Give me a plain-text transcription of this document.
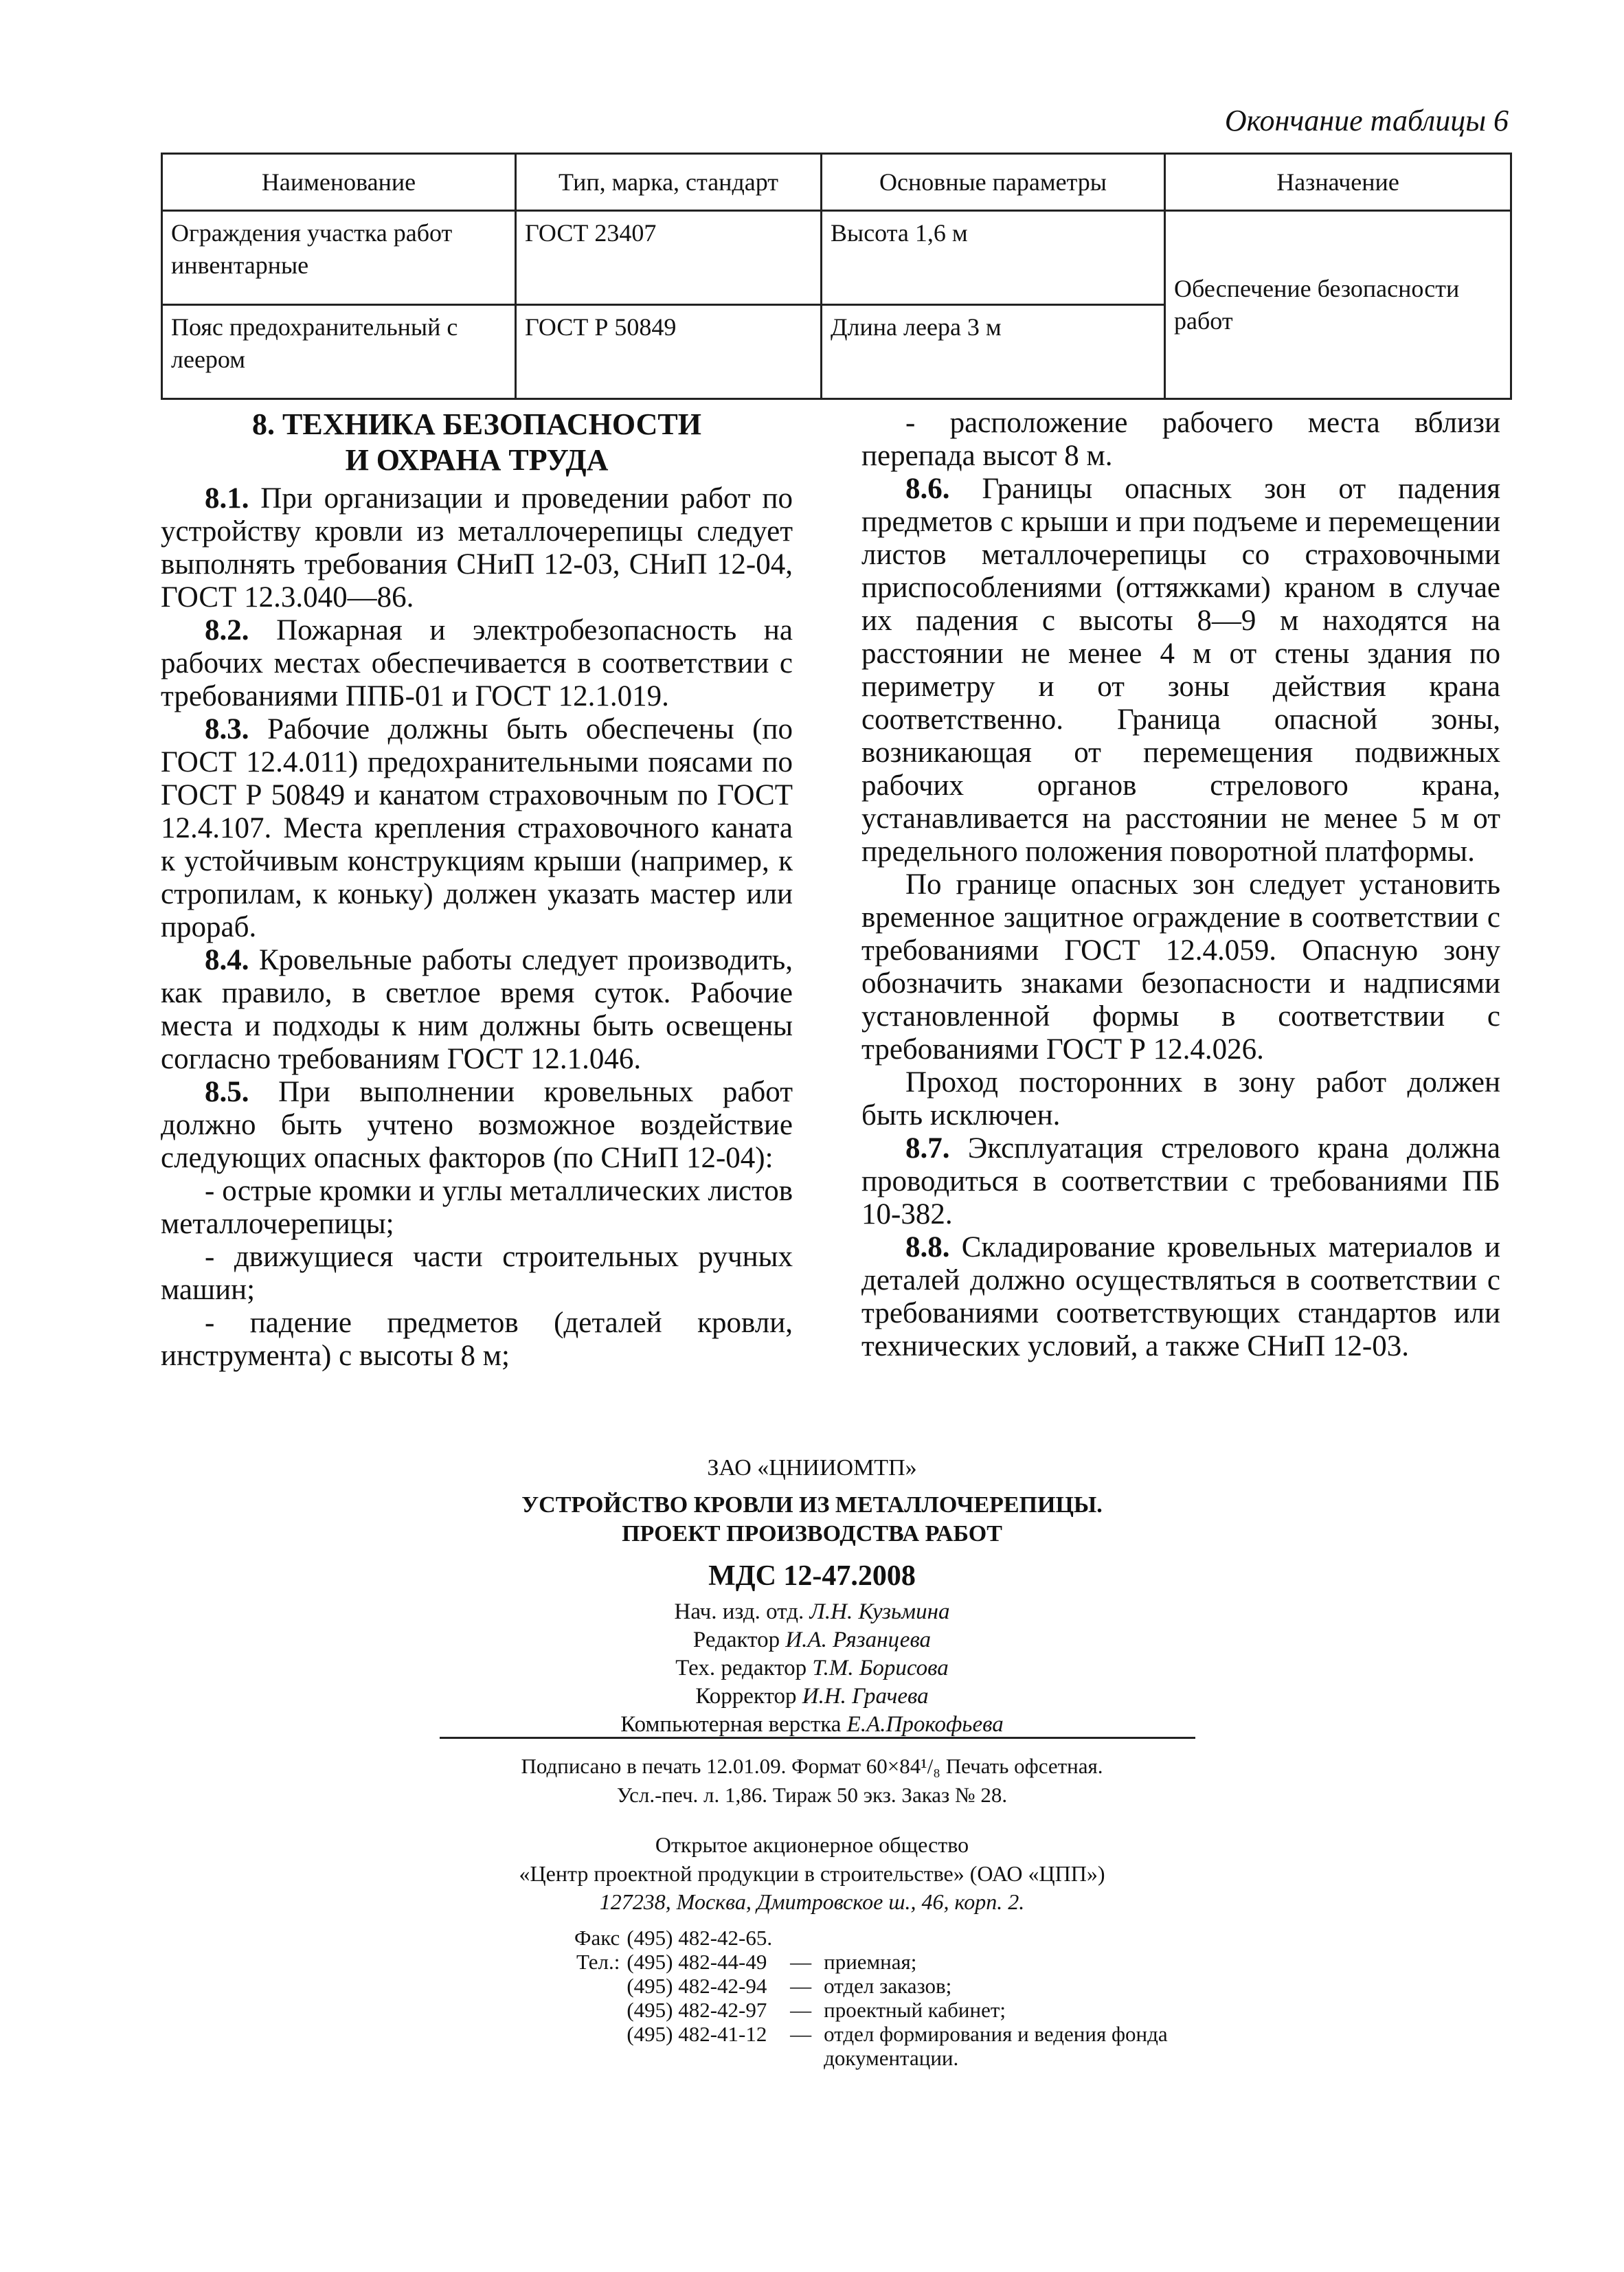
Окончание таблицы 6
Наименование	Тип, марка, стандарт	Основные параметры	Назначение
Ограждения участка работ инвентарные	ГОСТ 23407	Высота 1,6 м	Обеспечение безопасности работ
Пояс предохранительный с леером	ГОСТ Р 50849	Длина леера 3 м	
8. ТЕХНИКА БЕЗОПАСНОСТИ
И ОХРАНА ТРУДА

8.1. При организации и проведении работ по устройству кровли из металлочерепицы следует выполнять требования СНиП 12-03, СНиП 12-04, ГОСТ 12.3.040—86.

8.2. Пожарная и электробезопасность на рабочих местах обеспечивается в соответствии с требованиями ППБ-01 и ГОСТ 12.1.019.

8.3. Рабочие должны быть обеспечены (по ГОСТ 12.4.011) предохранительными поясами по ГОСТ Р 50849 и канатом страховочным по ГОСТ 12.4.107. Места крепления страховочного каната к устойчивым конструкциям крыши (например, к стропилам, к коньку) должен указать мастер или прораб.

8.4. Кровельные работы следует производить, как правило, в светлое время суток. Рабочие места и подходы к ним должны быть освещены согласно требованиям ГОСТ 12.1.046.

8.5. При выполнении кровельных работ должно быть учтено возможное воздействие следующих опасных факторов (по СНиП 12-04):

- острые кромки и углы металлических листов металлочерепицы;

- движущиеся части строительных ручных машин;

- падение предметов (деталей кровли, инструмента) с высоты 8 м;

- расположение рабочего места вблизи перепада высот 8 м.

8.6. Границы опасных зон от падения предметов с крыши и при подъеме и перемещении листов металлочерепицы со страховочными приспособлениями (оттяжками) краном в случае их падения с высоты 8—9 м находятся на расстоянии не менее 4 м от стены здания по периметру и от зоны действия крана соответственно. Граница опасной зоны, возникающая от перемещения подвижных рабочих органов стрелового крана, устанавливается на расстоянии не менее 5 м от предельного положения поворотной платформы.

По границе опасных зон следует установить временное защитное ограждение в соответствии с требованиями ГОСТ 12.4.059. Опасную зону обозначить знаками безопасности и надписями установленной формы в соответствии с требованиями ГОСТ Р 12.4.026.

Проход посторонних в зону работ должен быть исключен.

8.7. Эксплуатация стрелового крана должна проводиться в соответствии с требованиями ПБ 10-382.

8.8. Складирование кровельных материалов и деталей должно осуществляться в соответствии с требованиями соответствующих стандартов или технических условий, а также СНиП 12-03.

ЗАО «ЦНИИОМТП»
УСТРОЙСТВО КРОВЛИ ИЗ МЕТАЛЛОЧЕРЕПИЦЫ.
ПРОЕКТ ПРОИЗВОДСТВА РАБОТ
МДС 12-47.2008
Нач. изд. отд. Л.Н. Кузьмина
Редактор И.А. Рязанцева
Тех. редактор Т.М. Борисова
Корректор И.Н. Грачева
Компьютерная верстка Е.А.Прокофьева
Подписано в печать 12.01.09. Формат 60×84¹/₈ Печать офсетная.
Усл.-печ. л. 1,86. Тираж 50 экз. Заказ № 28.
Открытое акционерное общество
«Центр проектной продукции в строительстве» (ОАО «ЦПП»)
127238, Москва, Дмитровское ш., 46, корп. 2.
Факс	(495) 482-42-65.		
Тел.:	(495) 482-44-49	—	приемная;
	(495) 482-42-94	—	отдел заказов;
	(495) 482-42-97	—	проектный кабинет;
	(495) 482-41-12	—	отдел формирования и ведения фонда документации.
